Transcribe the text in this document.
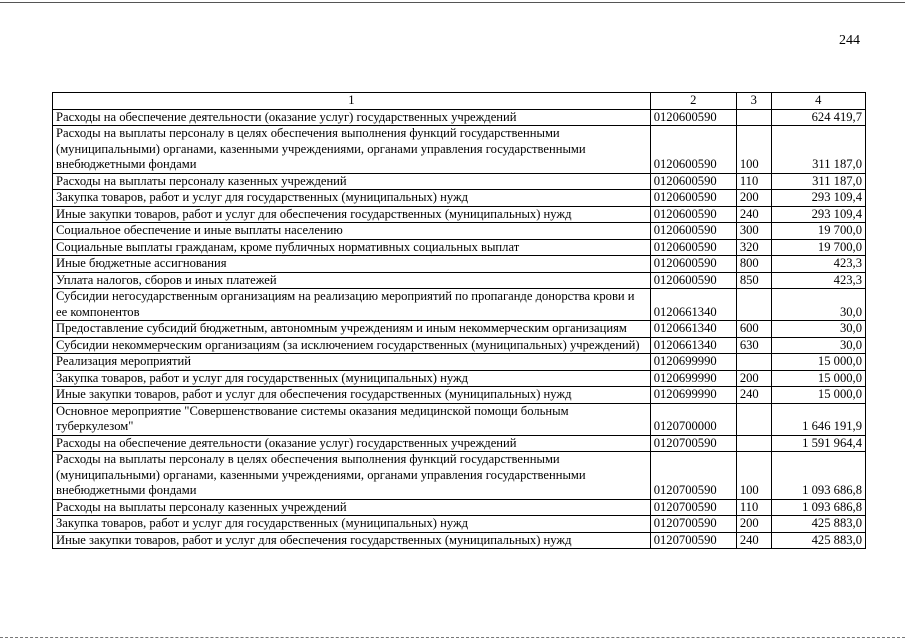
244
1	2	3	4
Расходы на обеспечение деятельности (оказание услуг) государственных учреждений	0120600590		624 419,7
Расходы на выплаты персоналу в целях обеспечения выполнения функций государственными (муниципальными) органами, казенными учреждениями, органами управления государственными внебюджетными фондами	0120600590	100	311 187,0
Расходы на выплаты персоналу казенных учреждений	0120600590	110	311 187,0
Закупка товаров, работ и услуг для государственных (муниципальных) нужд	0120600590	200	293 109,4
Иные закупки товаров, работ и услуг для обеспечения государственных (муниципальных) нужд	0120600590	240	293 109,4
Социальное обеспечение и иные выплаты населению	0120600590	300	19 700,0
Социальные выплаты гражданам, кроме публичных нормативных социальных выплат	0120600590	320	19 700,0
Иные бюджетные ассигнования	0120600590	800	423,3
Уплата налогов, сборов и иных платежей	0120600590	850	423,3
Субсидии негосударственным организациям на реализацию мероприятий по пропаганде донорства крови и ее компонентов	0120661340		30,0
Предоставление субсидий бюджетным, автономным учреждениям и иным некоммерческим организациям	0120661340	600	30,0
Субсидии некоммерческим организациям (за исключением государственных (муниципальных) учреждений)	0120661340	630	30,0
Реализация мероприятий	0120699990		15 000,0
Закупка товаров, работ и услуг для государственных (муниципальных) нужд	0120699990	200	15 000,0
Иные закупки товаров, работ и услуг для обеспечения государственных (муниципальных) нужд	0120699990	240	15 000,0
Основное мероприятие "Совершенствование системы оказания медицинской помощи больным туберкулезом"	0120700000		1 646 191,9
Расходы на обеспечение деятельности (оказание услуг) государственных учреждений	0120700590		1 591 964,4
Расходы на выплаты персоналу в целях обеспечения выполнения функций государственными (муниципальными) органами, казенными учреждениями, органами управления государственными внебюджетными фондами	0120700590	100	1 093 686,8
Расходы на выплаты персоналу казенных учреждений	0120700590	110	1 093 686,8
Закупка товаров, работ и услуг для государственных (муниципальных) нужд	0120700590	200	425 883,0
Иные закупки товаров, работ и услуг для обеспечения государственных (муниципальных) нужд	0120700590	240	425 883,0
